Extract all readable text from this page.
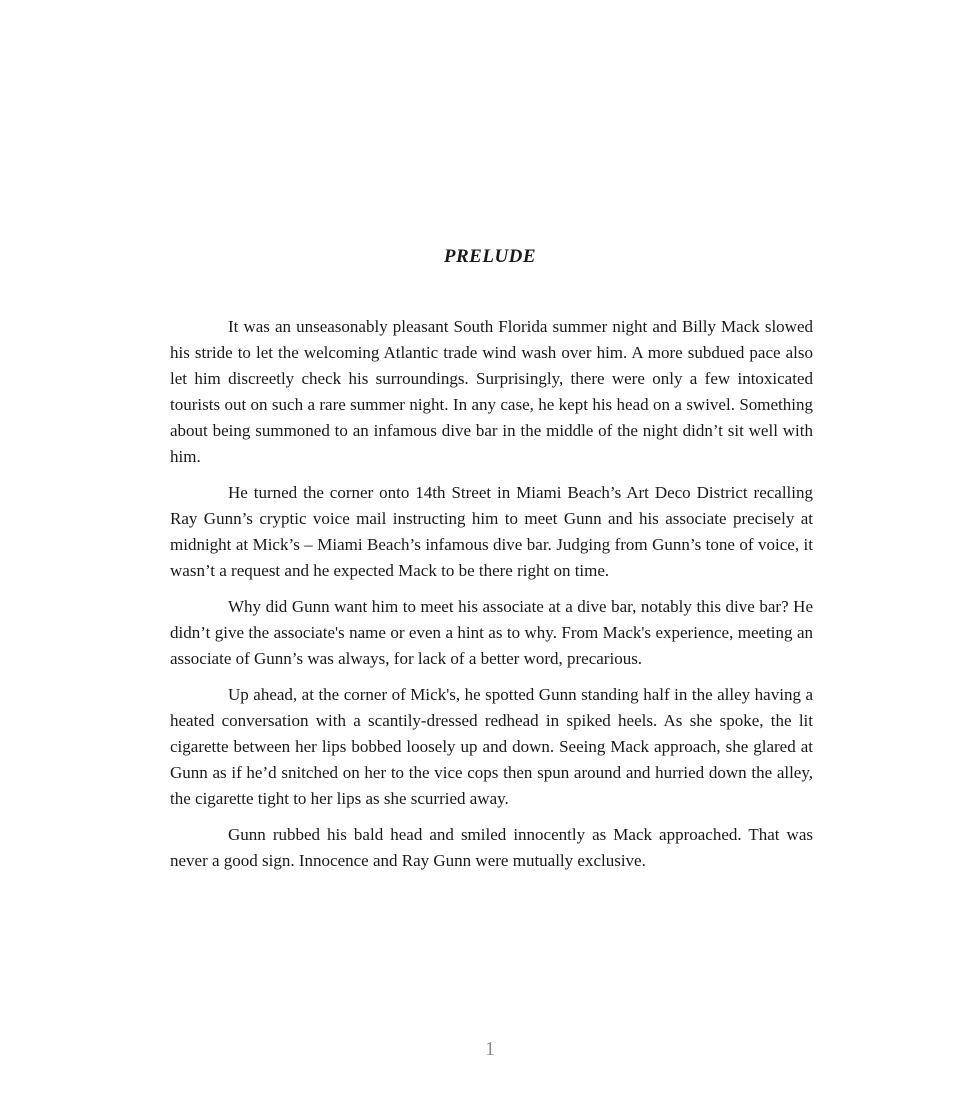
PRELUDE

It was an unseasonably pleasant South Florida summer night and Billy Mack slowed his stride to let the welcoming Atlantic trade wind wash over him. A more subdued pace also let him discreetly check his surroundings. Surprisingly, there were only a few intoxicated tourists out on such a rare summer night. In any case, he kept his head on a swivel. Something about being summoned to an infamous dive bar in the middle of the night didn’t sit well with him.

He turned the corner onto 14th Street in Miami Beach’s Art Deco District recalling Ray Gunn’s cryptic voice mail instructing him to meet Gunn and his associate precisely at midnight at Mick’s – Miami Beach’s infamous dive bar. Judging from Gunn’s tone of voice, it wasn’t a request and he expected Mack to be there right on time.

Why did Gunn want him to meet his associate at a dive bar, notably this dive bar? He didn’t give the associate's name or even a hint as to why. From Mack's experience, meeting an associate of Gunn’s was always, for lack of a better word, precarious.

Up ahead, at the corner of Mick's, he spotted Gunn standing half in the alley having a heated conversation with a scantily-dressed redhead in spiked heels. As she spoke, the lit cigarette between her lips bobbed loosely up and down. Seeing Mack approach, she glared at Gunn as if he’d snitched on her to the vice cops then spun around and hurried down the alley, the cigarette tight to her lips as she scurried away.

Gunn rubbed his bald head and smiled innocently as Mack approached. That was never a good sign. Innocence and Ray Gunn were mutually exclusive.

1
